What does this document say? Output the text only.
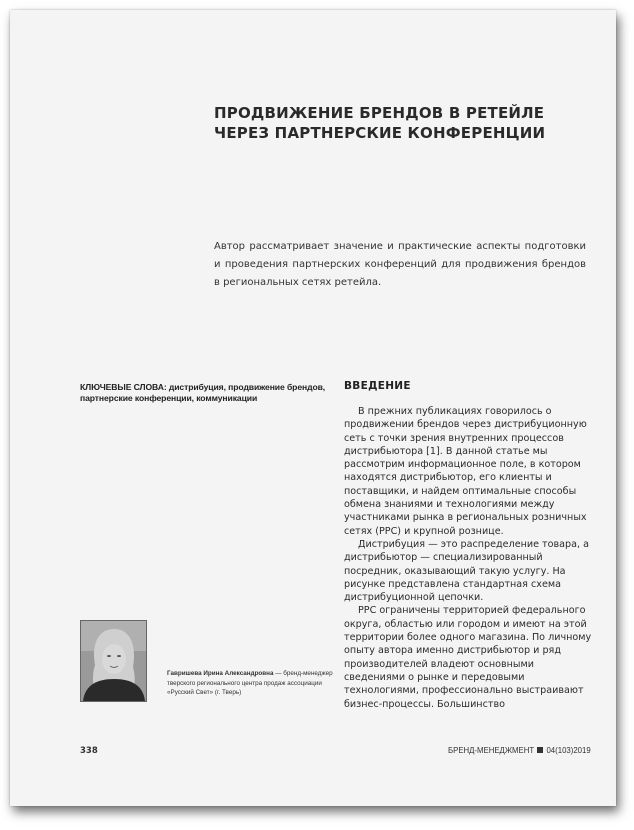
ПРОДВИЖЕНИЕ БРЕНДОВ В РЕТЕЙЛЕ ЧЕРЕЗ ПАРТНЕРСКИЕ КОНФЕРЕНЦИИ

Автор рассматривает значение и практические аспекты подготовки и проведения партнерских конференций для продвижения брендов в региональных сетях ретейла.

КЛЮЧЕВЫЕ СЛОВА: дистрибуция, продвижение брендов, партнерские конференции, коммуникации

ВВЕДЕНИЕ

В прежних публикациях говорилось о продвижении брендов через дистрибуционную сеть с точки зрения внутренних процессов дистрибьютора [1]. В данной статье мы рассмотрим информационное поле, в котором находятся дистрибьютор, его клиенты и поставщики, и найдем оптимальные способы обмена знаниями и технологиями между участниками рынка в региональных розничных сетях (РРС) и крупной рознице.

Дистрибуция — это распределение товара, а дистрибьютор — специализированный посредник, оказывающий такую услугу. На рисунке представлена стандартная схема дистрибуционной цепочки.

РРС ограничены территорией федерального округа, областью или городом и имеют на этой территории более одного магазина. По личному опыту автора именно дистрибьютор и ряд производителей владеют основными сведениями о рынке и передовыми технологиями, профессионально выстраивают бизнес-процессы. Большинство

Гавришева Ирина Александровна — бренд-менеджер тверского регионального центра продаж ассоциации «Русский Свет» (г. Тверь)

338	БРЕНД-МЕНЕДЖМЕНТ 04(103)2019
